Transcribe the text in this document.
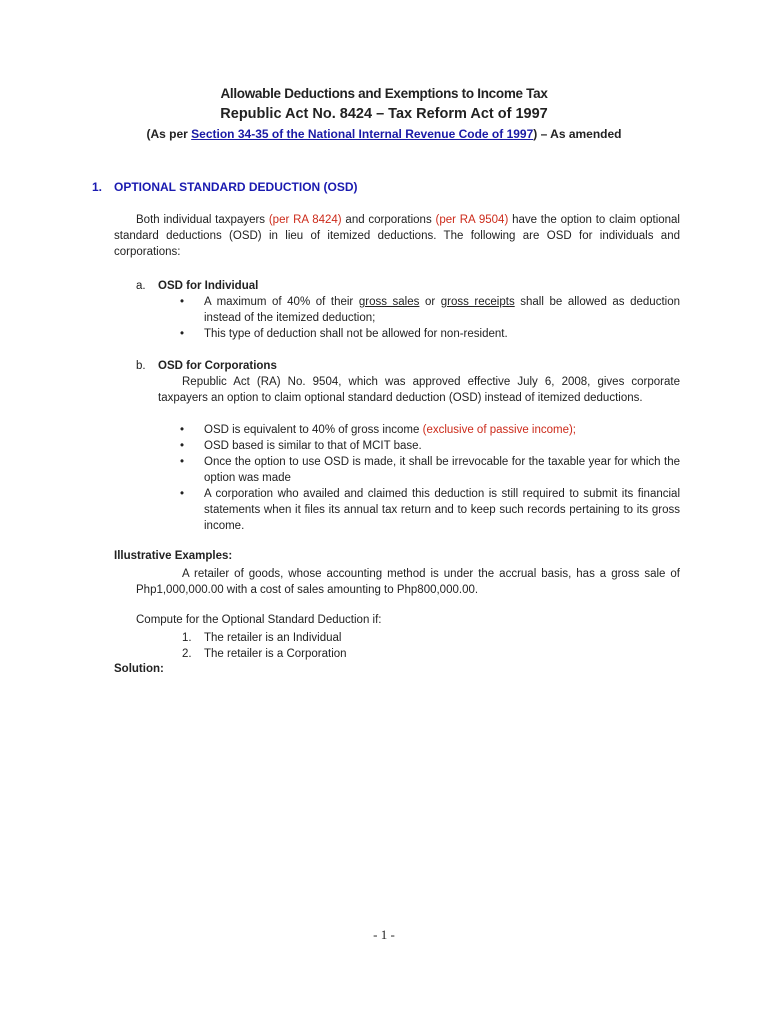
Allowable Deductions and Exemptions to Income Tax
Republic Act No. 8424 – Tax Reform Act of 1997
(As per Section 34-35 of the National Internal Revenue Code of 1997) – As amended
1. OPTIONAL STANDARD DEDUCTION (OSD)
Both individual taxpayers (per RA 8424) and corporations (per RA 9504) have the option to claim optional standard deductions (OSD) in lieu of itemized deductions. The following are OSD for individuals and corporations:
a. OSD for Individual
• A maximum of 40% of their gross sales or gross receipts shall be allowed as deduction instead of the itemized deduction;
• This type of deduction shall not be allowed for non-resident.
b. OSD for Corporations
Republic Act (RA) No. 9504, which was approved effective July 6, 2008, gives corporate taxpayers an option to claim optional standard deduction (OSD) instead of itemized deductions.
• OSD is equivalent to 40% of gross income (exclusive of passive income);
• OSD based is similar to that of MCIT base.
• Once the option to use OSD is made, it shall be irrevocable for the taxable year for which the option was made
• A corporation who availed and claimed this deduction is still required to submit its financial statements when it files its annual tax return and to keep such records pertaining to its gross income.
Illustrative Examples:
A retailer of goods, whose accounting method is under the accrual basis, has a gross sale of Php1,000,000.00 with a cost of sales amounting to Php800,000.00.
Compute for the Optional Standard Deduction if:
1. The retailer is an Individual
2. The retailer is a Corporation
Solution:
- 1 -
